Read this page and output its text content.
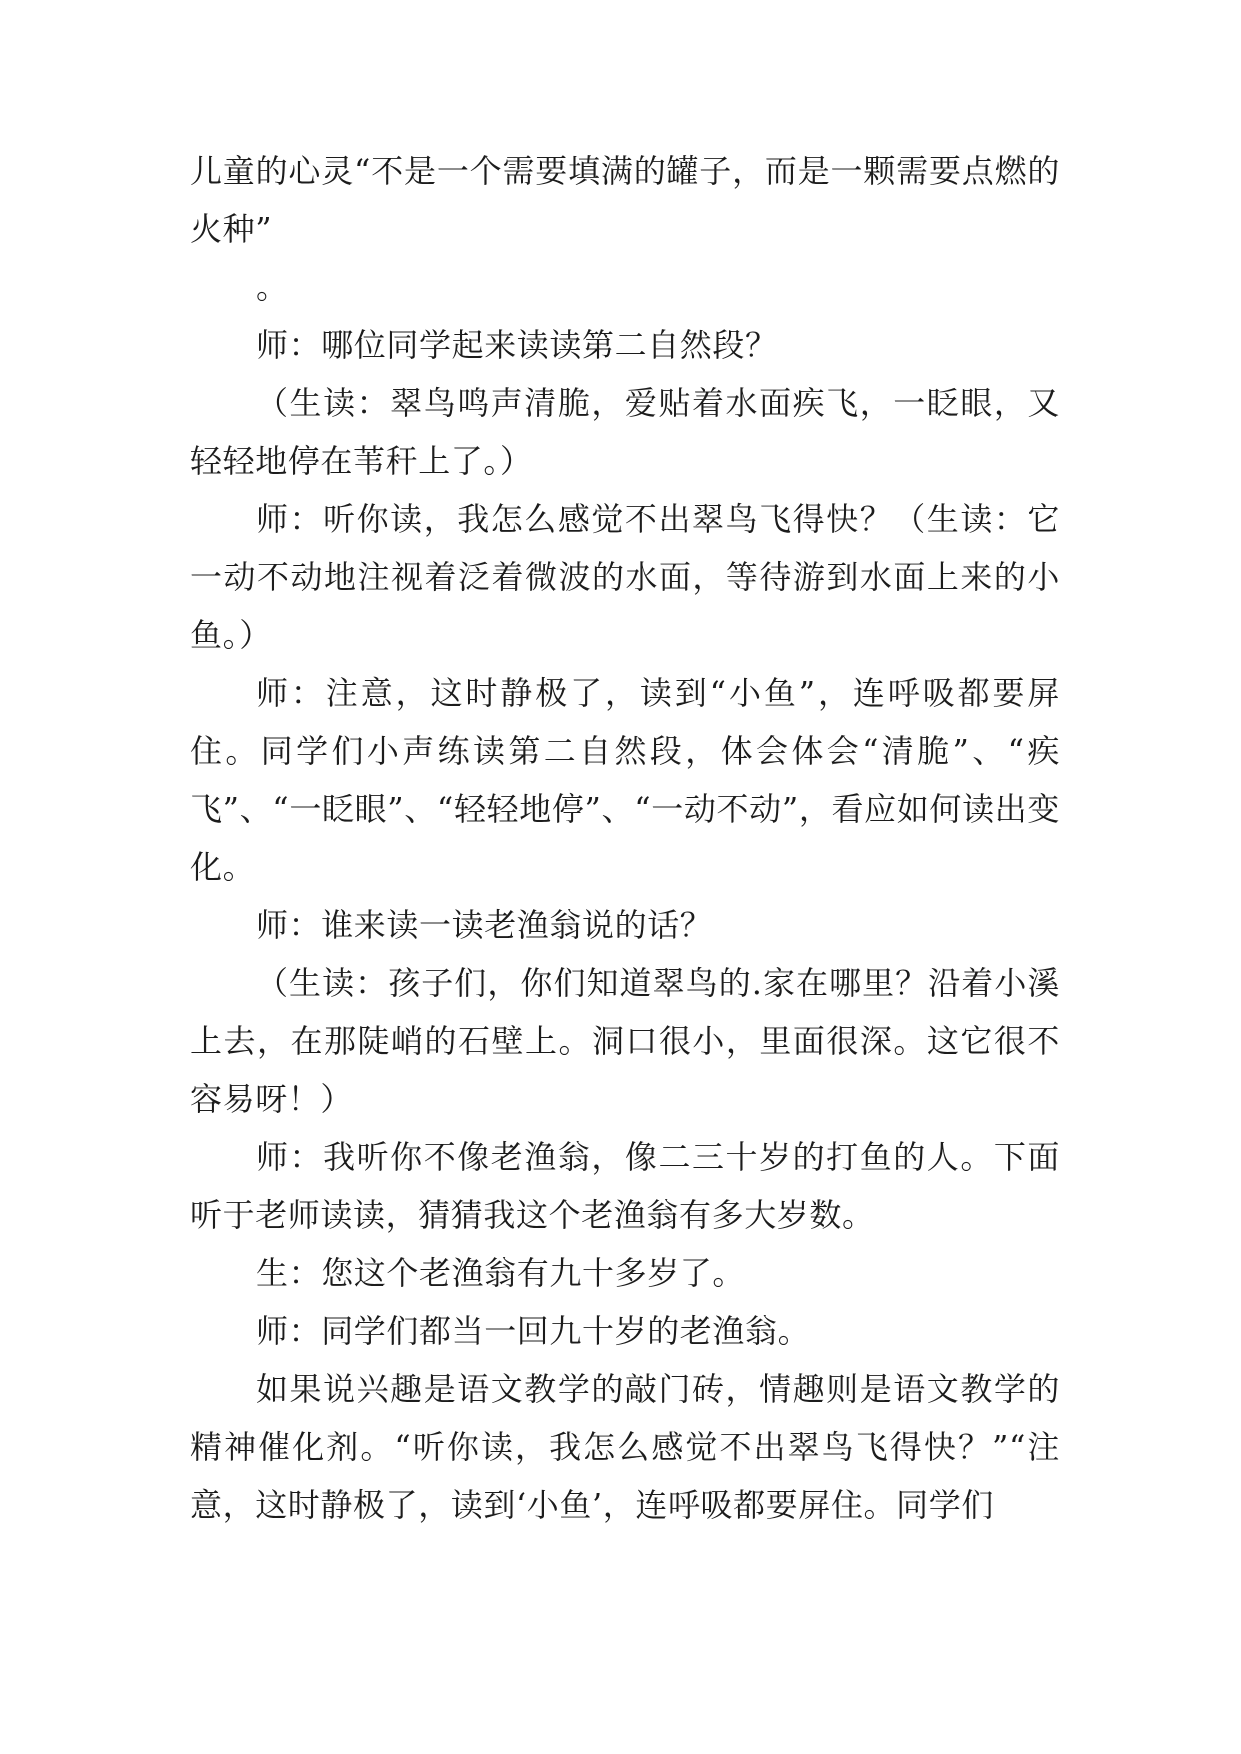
儿童的心灵“不是一个需要填满的罐子，而是一颗需要点燃的火种”

。

师：哪位同学起来读读第二自然段？

（生读：翠鸟鸣声清脆，爱贴着水面疾飞，一眨眼，又轻轻地停在苇秆上了。）

师：听你读，我怎么感觉不出翠鸟飞得快？（生读：它一动不动地注视着泛着微波的水面，等待游到水面上来的小鱼。）

师：注意，这时静极了，读到“小鱼”，连呼吸都要屏住。同学们小声练读第二自然段，体会体会“清脆”、“疾飞”、“一眨眼”、“轻轻地停”、“一动不动”，看应如何读出变化。

师：谁来读一读老渔翁说的话？

（生读：孩子们，你们知道翠鸟的.家在哪里？沿着小溪上去，在那陡峭的石壁上。洞口很小，里面很深。这它很不容易呀！）

师：我听你不像老渔翁，像二三十岁的打鱼的人。下面听于老师读读，猜猜我这个老渔翁有多大岁数。

生：您这个老渔翁有九十多岁了。

师：同学们都当一回九十岁的老渔翁。

如果说兴趣是语文教学的敲门砖，情趣则是语文教学的精神催化剂。“听你读，我怎么感觉不出翠鸟飞得快？”“注意，这时静极了，读到‘小鱼’，连呼吸都要屏住。同学们
